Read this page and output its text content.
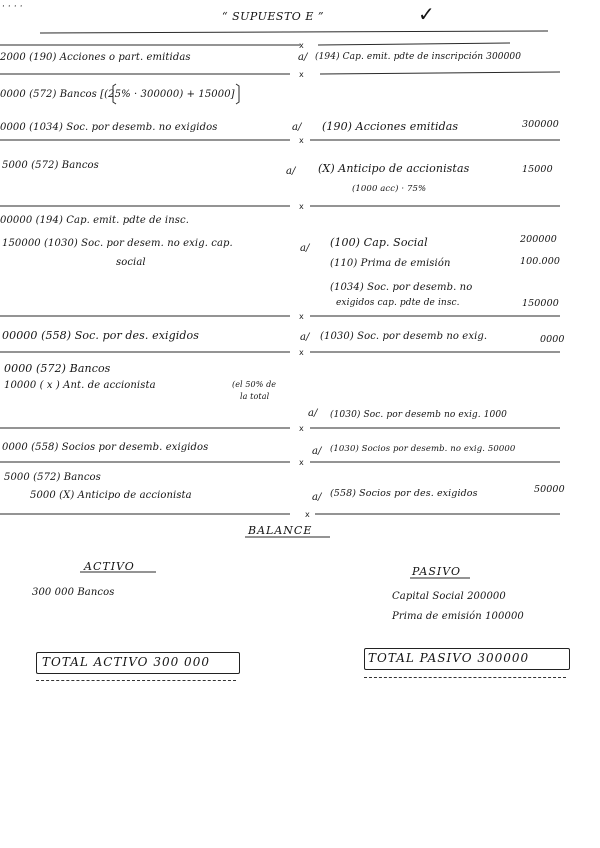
· · · ·
“ SUPUESTO E ”	✓
x
x
x
x
x
x
x
x
x
2000 (190) Acciones o part. emitidas	a/ (194) Cap. emit. pdte de inscripción 300000
0000 (572) Bancos [(25% · 300000) + 15000]
0000 (1034) Soc. por desemb. no exigidos	a/ (190) Acciones emitidas	300000
5000 (572) Bancos
a/ (X) Anticipo de accionistas	15000
(1000 acc) · 75%
00000 (194) Cap. emit. pdte de insc.
150000 (1030) Soc. por desem. no exig. cap.
social
a/ (100) Cap. Social	200000
(110) Prima de emisión	100.000
(1034) Soc. por desemb. no
exigidos cap. pdte de insc.	150000
00000 (558) Soc. por des. exigidos	a/ (1030) Soc. por desemb no exig.	0000
0000 (572) Bancos
10000 ( x ) Ant. de accionista	(el 50% de
la total
a/ (1030) Soc. por desemb no exig. 1000
0000 (558) Socios por desemb. exigidos	a/ (1030) Socios por desemb. no exig. 50000
5000 (572) Bancos
5000 (X) Anticipo de accionista	a/ (558) Socios por des. exigidos	50000
BALANCE
ACTIVO
300 000 Bancos
PASIVO
Capital Social 200000
Prima de emisión 100000
TOTAL ACTIVO 300 000	TOTAL PASIVO 300000
